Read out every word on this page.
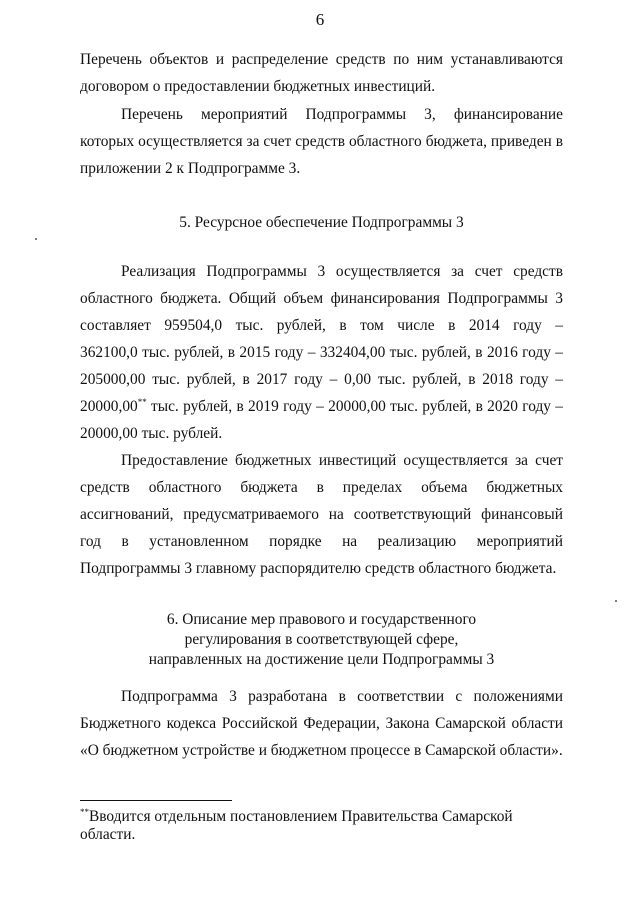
6

Перечень объектов и распределение средств по ним устанавливаются договором о предоставлении бюджетных инвестиций.

Перечень мероприятий Подпрограммы 3, финансирование которых осуществляется за счет средств областного бюджета, приведен в приложении 2 к Подпрограмме 3.

5. Ресурсное обеспечение Подпрограммы 3

Реализация Подпрограммы 3 осуществляется за счет средств

областного бюджета. Общий объем финансирования Подпрограммы 3

составляет 959504,0 тыс. рублей, в том числе в 2014 году –

362100,0 тыс. рублей, в 2015 году – 332404,00 тыс. рублей, в 2016 году –

205000,00 тыс. рублей, в 2017 году – 0,00 тыс. рублей, в 2018 году –

20000,00** тыс. рублей, в 2019 году – 20000,00 тыс. рублей, в 2020 году –

20000,00 тыс. рублей.

Предоставление бюджетных инвестиций осуществляется за счет средств областного бюджета в пределах объема бюджетных ассигнований, предусматриваемого на соответствующий финансовый год в установленном порядке на реализацию мероприятий Подпрограммы 3 главному распорядителю средств областного бюджета.

6. Описание мер правового и государственного
регулирования в соответствующей сфере,
направленных на достижение цели Подпрограммы 3

Подпрограмма 3 разработана в соответствии с положениями Бюджетного кодекса Российской Федерации, Закона Самарской области «О бюджетном устройстве и бюджетном процессе в Самарской области».

**Вводится отдельным постановлением Правительства Самарской области.
